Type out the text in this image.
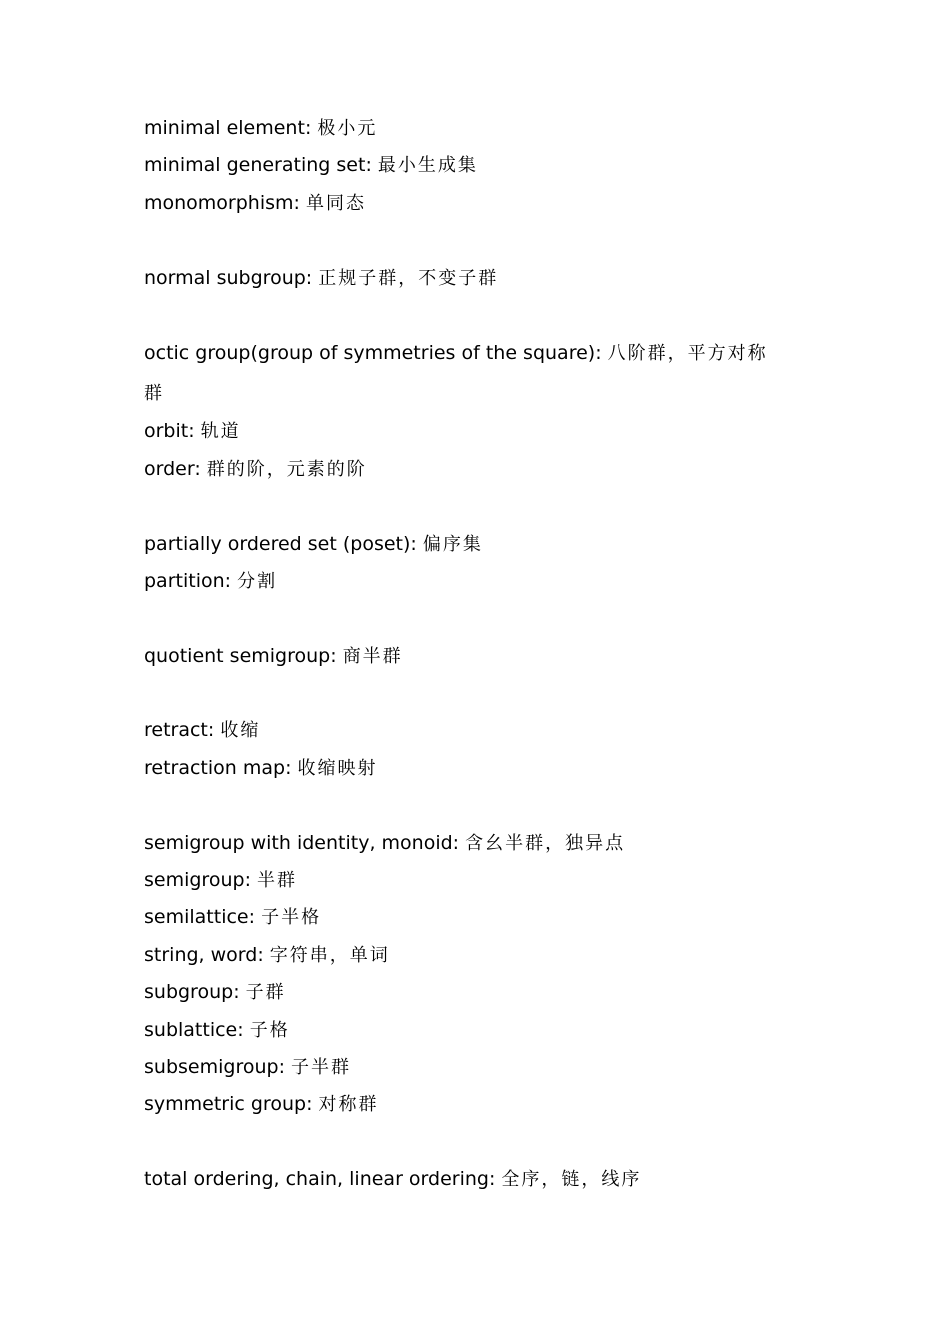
minimal element: 极小元
minimal generating set: 最小生成集
monomorphism: 单同态
normal subgroup: 正规子群，不变子群
octic group(group of symmetries of the square): 八阶群，平方对称群
orbit: 轨道
order: 群的阶，元素的阶
partially ordered set (poset): 偏序集
partition: 分割
quotient semigroup: 商半群
retract: 收缩
retraction map: 收缩映射
semigroup with identity, monoid: 含幺半群，独异点
semigroup: 半群
semilattice: 子半格
string, word: 字符串，单词
subgroup: 子群
sublattice: 子格
subsemigroup: 子半群
symmetric group: 对称群
total ordering, chain, linear ordering: 全序，链，线序
